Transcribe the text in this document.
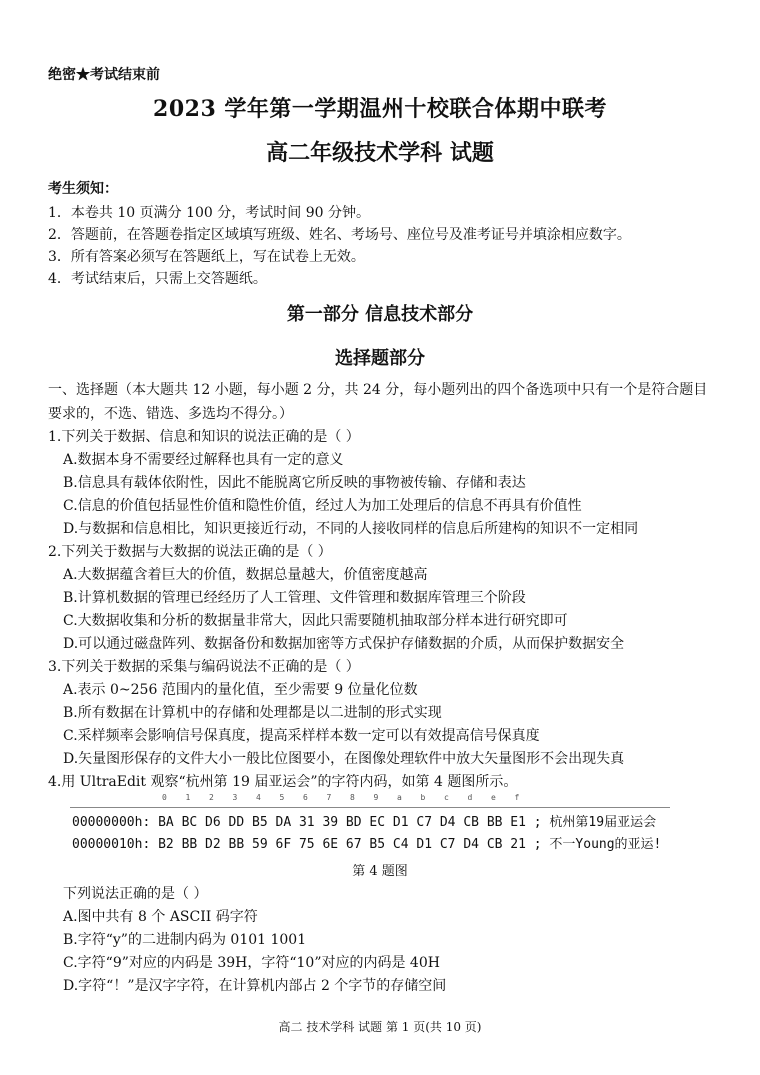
绝密★考试结束前
2023 学年第一学期温州十校联合体期中联考
高二年级技术学科 试题
考生须知：
1．本卷共 10 页满分 100 分，考试时间 90 分钟。
2．答题前，在答题卷指定区域填写班级、姓名、考场号、座位号及准考证号并填涂相应数字。
3．所有答案必须写在答题纸上，写在试卷上无效。
4．考试结束后，只需上交答题纸。
第一部分 信息技术部分
选择题部分
一、选择题（本大题共 12 小题，每小题 2 分，共 24 分，每小题列出的四个备选项中只有一个是符合题目要求的，不选、错选、多选均不得分。）
1.下列关于数据、信息和知识的说法正确的是（ ）
A.数据本身不需要经过解释也具有一定的意义
B.信息具有载体依附性，因此不能脱离它所反映的事物被传输、存储和表达
C.信息的价值包括显性价值和隐性价值，经过人为加工处理后的信息不再具有价值性
D.与数据和信息相比，知识更接近行动，不同的人接收同样的信息后所建构的知识不一定相同
2.下列关于数据与大数据的说法正确的是（ ）
A.大数据蕴含着巨大的价值，数据总量越大，价值密度越高
B.计算机数据的管理已经经历了人工管理、文件管理和数据库管理三个阶段
C.大数据收集和分析的数据量非常大，因此只需要随机抽取部分样本进行研究即可
D.可以通过磁盘阵列、数据备份和数据加密等方式保护存储数据的介质，从而保护数据安全
3.下列关于数据的采集与编码说法不正确的是（ ）
A.表示 0~256 范围内的量化值，至少需要 9 位量化位数
B.所有数据在计算机中的存储和处理都是以二进制的形式实现
C.采样频率会影响信号保真度，提高采样样本数一定可以有效提高信号保真度
D.矢量图形保存的文件大小一般比位图要小，在图像处理软件中放大矢量图形不会出现失真
4.用 UltraEdit 观察“杭州第 19 届亚运会”的字符内码，如第 4 题图所示。
0 1 2 3 4 5 6 7 8 9 a b c d e f
00000000h: BA BC D6 DD B5 DA 31 39 BD EC D1 C7 D4 CB BB E1 ; 杭州第19届亚运会
00000010h: B2 BB D2 BB 59 6F 75 6E 67 B5 C4 D1 C7 D4 CB 21 ; 不一Young的亚运!
第 4 题图
下列说法正确的是（ ）
A.图中共有 8 个 ASCII 码字符
B.字符“y”的二进制内码为 0101 1001
C.字符“9”对应的内码是 39H，字符“10”对应的内码是 40H
D.字符“！”是汉字字符，在计算机内部占 2 个字节的存储空间
高二 技术学科 试题 第 1 页(共 10 页)
